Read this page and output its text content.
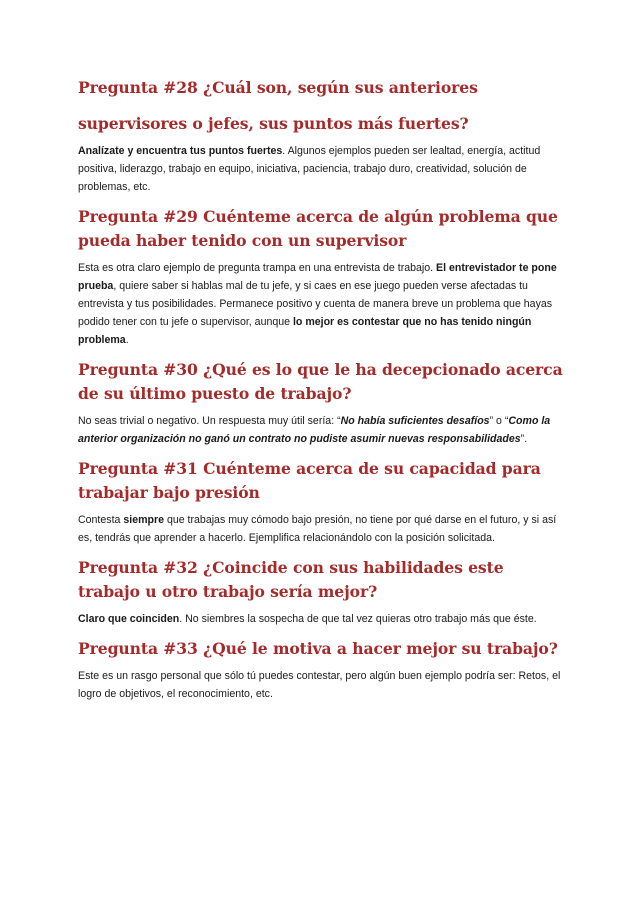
Pregunta #28 ¿Cuál son, según sus anteriores

supervisores o jefes, sus puntos más fuertes?

Analízate y encuentra tus puntos fuertes. Algunos ejemplos pueden ser lealtad, energía, actitud positiva, liderazgo, trabajo en equipo, iniciativa, paciencia, trabajo duro, creatividad, solución de problemas, etc.

Pregunta #29 Cuénteme acerca de algún problema que pueda haber tenido con un supervisor

Esta es otra claro ejemplo de pregunta trampa en una entrevista de trabajo. El entrevistador te pone prueba, quiere saber si hablas mal de tu jefe, y si caes en ese juego pueden verse afectadas tu entrevista y tus posibilidades. Permanece positivo y cuenta de manera breve un problema que hayas podido tener con tu jefe o supervisor, aunque lo mejor es contestar que no has tenido ningún problema.

Pregunta #30 ¿Qué es lo que le ha decepcionado acerca de su último puesto de trabajo?

No seas trivial o negativo. Un respuesta muy útil sería: “No había suficientes desafíos” o “Como la anterior organización no ganó un contrato no pudiste asumir nuevas responsabilidades”.

Pregunta #31 Cuénteme acerca de su capacidad para trabajar bajo presión

Contesta siempre que trabajas muy cómodo bajo presión, no tiene por qué darse en el futuro, y si así es, tendrás que aprender a hacerlo. Ejemplifica relacionándolo con la posición solicitada.

Pregunta #32 ¿Coincide con sus habilidades este trabajo u otro trabajo sería mejor?

Claro que coinciden. No siembres la sospecha de que tal vez quieras otro trabajo más que éste.

Pregunta #33 ¿Qué le motiva a hacer mejor su trabajo?

Este es un rasgo personal que sólo tú puedes contestar, pero algún buen ejemplo podría ser: Retos, el logro de objetivos, el reconocimiento, etc.
